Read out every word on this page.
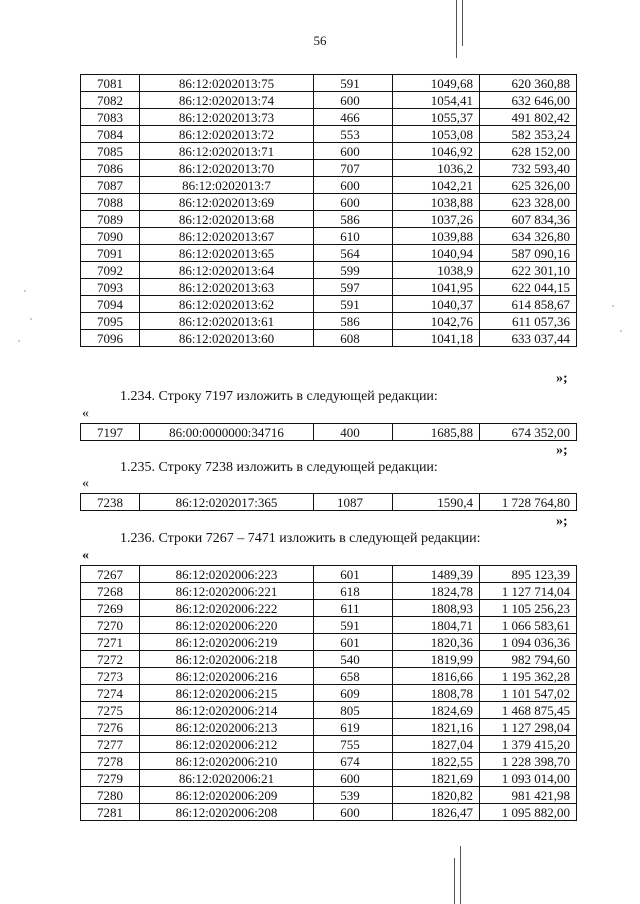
56
7081	86:12:0202013:75	591	1049,68	620 360,88
7082	86:12:0202013:74	600	1054,41	632 646,00
7083	86:12:0202013:73	466	1055,37	491 802,42
7084	86:12:0202013:72	553	1053,08	582 353,24
7085	86:12:0202013:71	600	1046,92	628 152,00
7086	86:12:0202013:70	707	1036,2	732 593,40
7087	86:12:0202013:7	600	1042,21	625 326,00
7088	86:12:0202013:69	600	1038,88	623 328,00
7089	86:12:0202013:68	586	1037,26	607 834,36
7090	86:12:0202013:67	610	1039,88	634 326,80
7091	86:12:0202013:65	564	1040,94	587 090,16
7092	86:12:0202013:64	599	1038,9	622 301,10
7093	86:12:0202013:63	597	1041,95	622 044,15
7094	86:12:0202013:62	591	1040,37	614 858,67
7095	86:12:0202013:61	586	1042,76	611 057,36
7096	86:12:0202013:60	608	1041,18	633 037,44
»;
1.234. Строку 7197 изложить в следующей редакции:
«
7197	86:00:0000000:34716	400	1685,88	674 352,00
»;
1.235. Строку 7238 изложить в следующей редакции:
«
7238	86:12:0202017:365	1087	1590,4	1 728 764,80
»;
1.236. Строки 7267 – 7471 изложить в следующей редакции:
«
7267	86:12:0202006:223	601	1489,39	895 123,39
7268	86:12:0202006:221	618	1824,78	1 127 714,04
7269	86:12:0202006:222	611	1808,93	1 105 256,23
7270	86:12:0202006:220	591	1804,71	1 066 583,61
7271	86:12:0202006:219	601	1820,36	1 094 036,36
7272	86:12:0202006:218	540	1819,99	982 794,60
7273	86:12:0202006:216	658	1816,66	1 195 362,28
7274	86:12:0202006:215	609	1808,78	1 101 547,02
7275	86:12:0202006:214	805	1824,69	1 468 875,45
7276	86:12:0202006:213	619	1821,16	1 127 298,04
7277	86:12:0202006:212	755	1827,04	1 379 415,20
7278	86:12:0202006:210	674	1822,55	1 228 398,70
7279	86:12:0202006:21	600	1821,69	1 093 014,00
7280	86:12:0202006:209	539	1820,82	981 421,98
7281	86:12:0202006:208	600	1826,47	1 095 882,00
